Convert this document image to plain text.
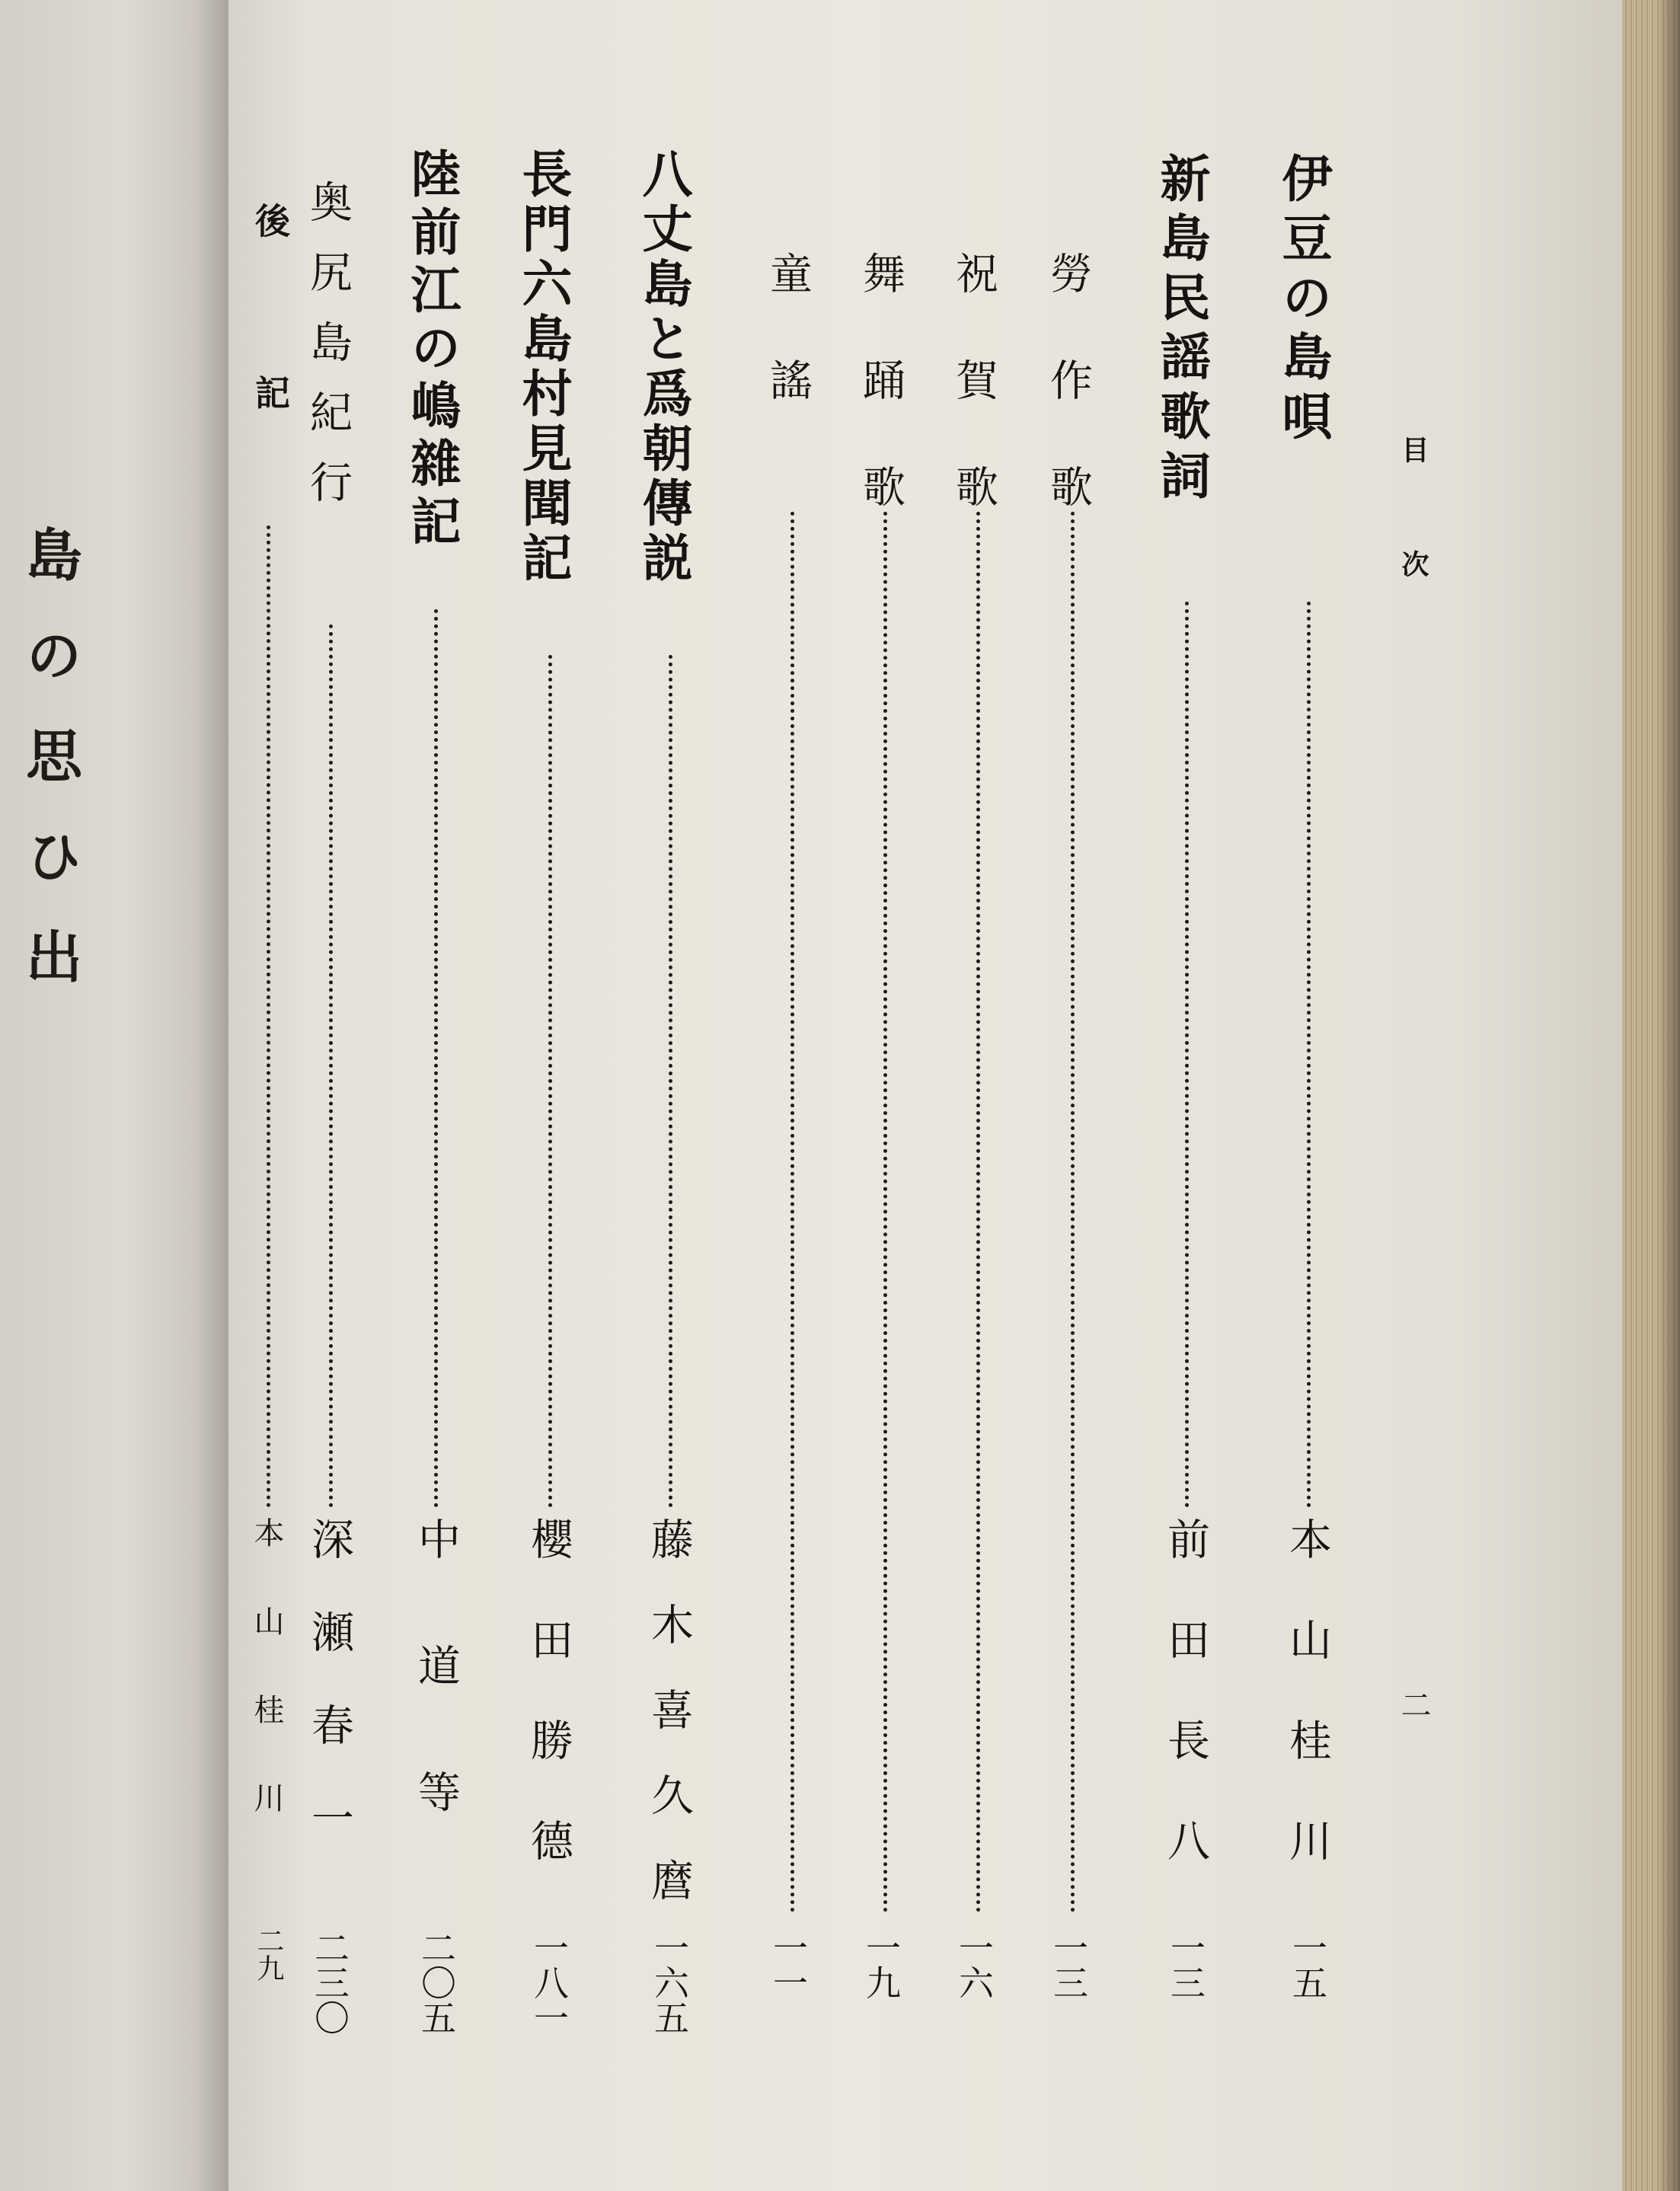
島の思ひ出	目次
二
伊豆の島唄
本山桂川
一五
新島民謡歌詞
前田長八
一三
勞作歌
一三
祝賀歌
一六
舞踊歌
一九
童謠
一一
八丈島と爲朝傳説
藤木喜久麿
一六五
長門六島村見聞記
櫻田勝德
一八一
陸前江の嶋雜記
中道等
二〇五
奥尻島紀行
深瀬春一
二三〇
後記
本山桂川
二九
